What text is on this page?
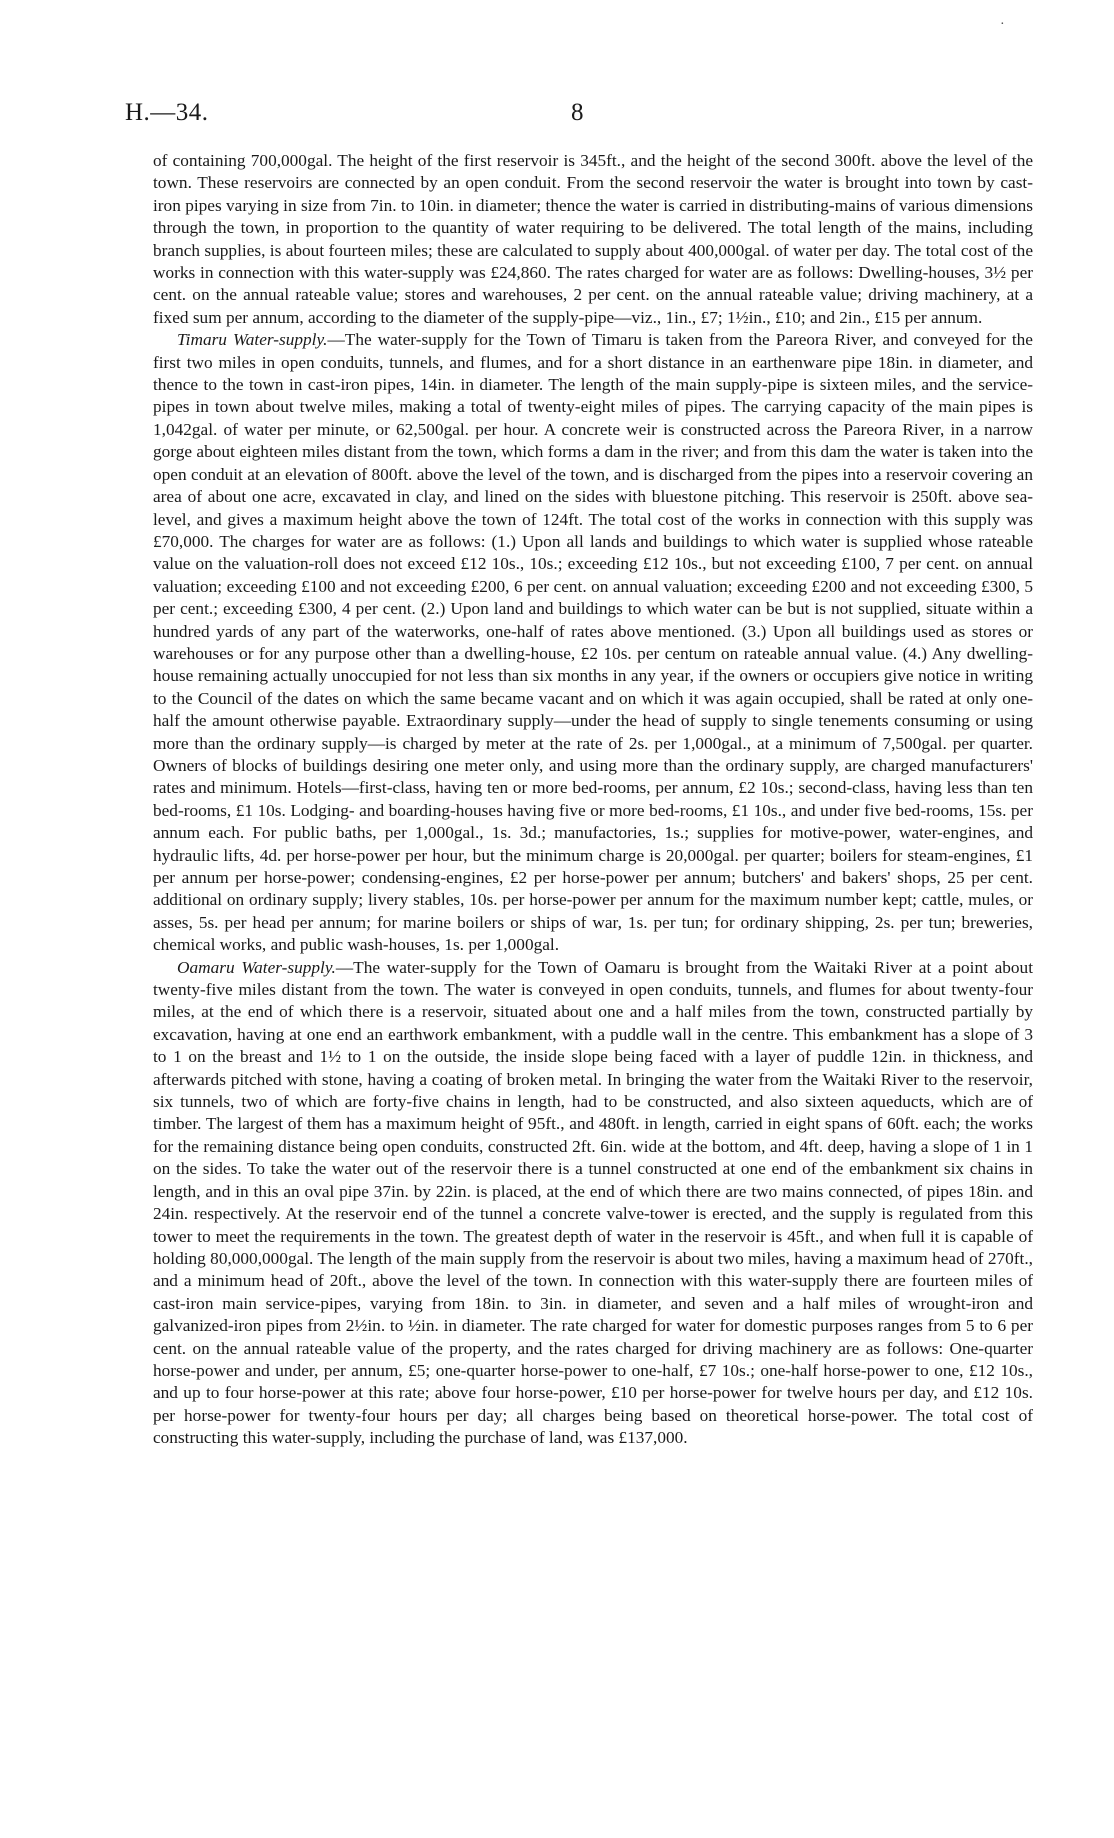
·
H.—34.	8

of containing 700,000gal. The height of the first reservoir is 345ft., and the height of the second 300ft. above the level of the town. These reservoirs are connected by an open conduit. From the second reservoir the water is brought into town by cast-iron pipes varying in size from 7in. to 10in. in diameter; thence the water is carried in distributing-mains of various dimensions through the town, in proportion to the quantity of water requiring to be delivered. The total length of the mains, including branch supplies, is about fourteen miles; these are calculated to supply about 400,000gal. of water per day. The total cost of the works in connection with this water-supply was £24,860. The rates charged for water are as follows: Dwelling-houses, 3½ per cent. on the annual rateable value; stores and warehouses, 2 per cent. on the annual rateable value; driving machinery, at a fixed sum per annum, according to the diameter of the supply-pipe—viz., 1in., £7; 1½in., £10; and 2in., £15 per annum.

Timaru Water-supply.—The water-supply for the Town of Timaru is taken from the Pareora River, and conveyed for the first two miles in open conduits, tunnels, and flumes, and for a short distance in an earthenware pipe 18in. in diameter, and thence to the town in cast-iron pipes, 14in. in diameter. The length of the main supply-pipe is sixteen miles, and the service-pipes in town about twelve miles, making a total of twenty-eight miles of pipes. The carrying capacity of the main pipes is 1,042gal. of water per minute, or 62,500gal. per hour. A concrete weir is constructed across the Pareora River, in a narrow gorge about eighteen miles distant from the town, which forms a dam in the river; and from this dam the water is taken into the open conduit at an elevation of 800ft. above the level of the town, and is discharged from the pipes into a reservoir covering an area of about one acre, excavated in clay, and lined on the sides with bluestone pitching. This reservoir is 250ft. above sea-level, and gives a maximum height above the town of 124ft. The total cost of the works in connection with this supply was £70,000. The charges for water are as follows: (1.) Upon all lands and buildings to which water is supplied whose rateable value on the valuation-roll does not exceed £12 10s., 10s.; exceeding £12 10s., but not exceeding £100, 7 per cent. on annual valuation; exceeding £100 and not exceeding £200, 6 per cent. on annual valuation; exceeding £200 and not exceeding £300, 5 per cent.; exceeding £300, 4 per cent. (2.) Upon land and buildings to which water can be but is not supplied, situate within a hundred yards of any part of the waterworks, one-half of rates above mentioned. (3.) Upon all buildings used as stores or warehouses or for any purpose other than a dwelling-house, £2 10s. per centum on rateable annual value. (4.) Any dwelling-house remaining actually unoccupied for not less than six months in any year, if the owners or occupiers give notice in writing to the Council of the dates on which the same became vacant and on which it was again occupied, shall be rated at only one-half the amount otherwise payable. Extraordinary supply—under the head of supply to single tenements consuming or using more than the ordinary supply—is charged by meter at the rate of 2s. per 1,000gal., at a minimum of 7,500gal. per quarter. Owners of blocks of buildings desiring one meter only, and using more than the ordinary supply, are charged manufacturers' rates and minimum. Hotels—first-class, having ten or more bed-rooms, per annum, £2 10s.; second-class, having less than ten bed-rooms, £1 10s. Lodging- and boarding-houses having five or more bed-rooms, £1 10s., and under five bed-rooms, 15s. per annum each. For public baths, per 1,000gal., 1s. 3d.; manufactories, 1s.; supplies for motive-power, water-engines, and hydraulic lifts, 4d. per horse-power per hour, but the minimum charge is 20,000gal. per quarter; boilers for steam-engines, £1 per annum per horse-power; condensing-engines, £2 per horse-power per annum; butchers' and bakers' shops, 25 per cent. additional on ordinary supply; livery stables, 10s. per horse-power per annum for the maximum number kept; cattle, mules, or asses, 5s. per head per annum; for marine boilers or ships of war, 1s. per tun; for ordinary shipping, 2s. per tun; breweries, chemical works, and public wash-houses, 1s. per 1,000gal.

Oamaru Water-supply.—The water-supply for the Town of Oamaru is brought from the Waitaki River at a point about twenty-five miles distant from the town. The water is conveyed in open conduits, tunnels, and flumes for about twenty-four miles, at the end of which there is a reservoir, situated about one and a half miles from the town, constructed partially by excavation, having at one end an earthwork embankment, with a puddle wall in the centre. This embankment has a slope of 3 to 1 on the breast and 1½ to 1 on the outside, the inside slope being faced with a layer of puddle 12in. in thickness, and afterwards pitched with stone, having a coating of broken metal. In bringing the water from the Waitaki River to the reservoir, six tunnels, two of which are forty-five chains in length, had to be constructed, and also sixteen aqueducts, which are of timber. The largest of them has a maximum height of 95ft., and 480ft. in length, carried in eight spans of 60ft. each; the works for the remaining distance being open conduits, constructed 2ft. 6in. wide at the bottom, and 4ft. deep, having a slope of 1 in 1 on the sides. To take the water out of the reservoir there is a tunnel constructed at one end of the embankment six chains in length, and in this an oval pipe 37in. by 22in. is placed, at the end of which there are two mains connected, of pipes 18in. and 24in. respectively. At the reservoir end of the tunnel a concrete valve-tower is erected, and the supply is regulated from this tower to meet the requirements in the town. The greatest depth of water in the reservoir is 45ft., and when full it is capable of holding 80,000,000gal. The length of the main supply from the reservoir is about two miles, having a maximum head of 270ft., and a minimum head of 20ft., above the level of the town. In connection with this water-supply there are fourteen miles of cast-iron main service-pipes, varying from 18in. to 3in. in diameter, and seven and a half miles of wrought-iron and galvanized-iron pipes from 2½in. to ½in. in diameter. The rate charged for water for domestic purposes ranges from 5 to 6 per cent. on the annual rateable value of the property, and the rates charged for driving machinery are as follows: One-quarter horse-power and under, per annum, £5; one-quarter horse-power to one-half, £7 10s.; one-half horse-power to one, £12 10s., and up to four horse-power at this rate; above four horse-power, £10 per horse-power for twelve hours per day, and £12 10s. per horse-power for twenty-four hours per day; all charges being based on theoretical horse-power. The total cost of constructing this water-supply, including the purchase of land, was £137,000.
